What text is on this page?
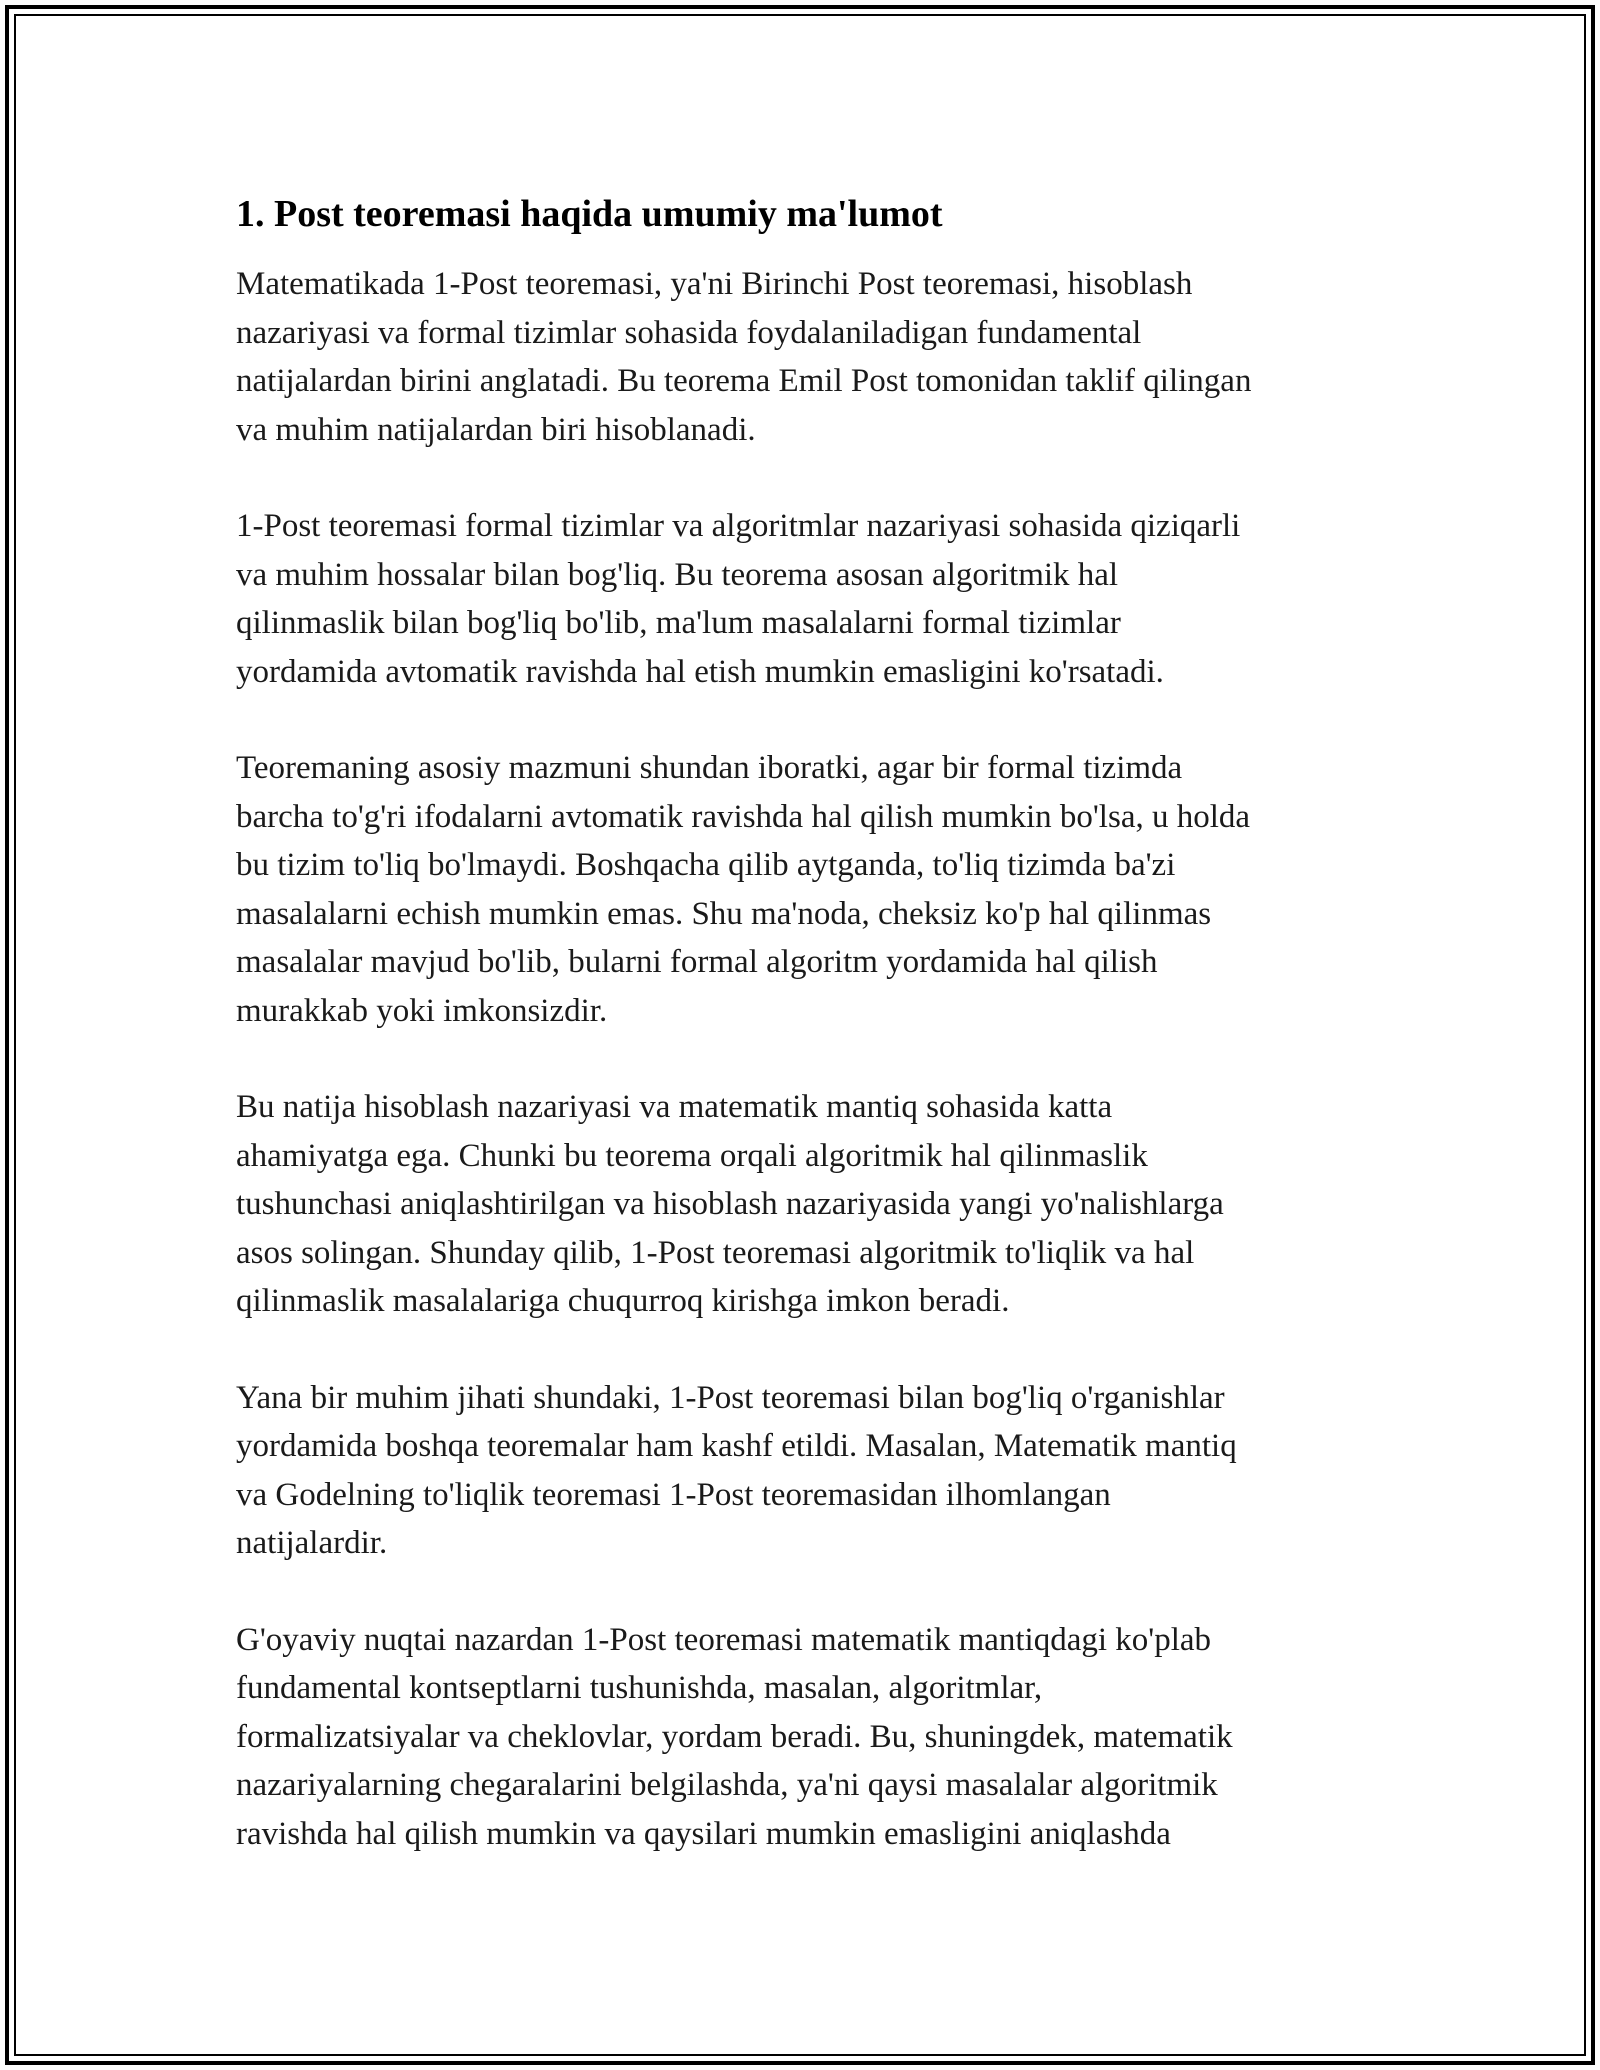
1. Post teoremasi haqida umumiy ma'lumot

Matematikada 1-Post teoremasi, ya'ni Birinchi Post teoremasi, hisoblash
nazariyasi va formal tizimlar sohasida foydalaniladigan fundamental
natijalardan birini anglatadi. Bu teorema Emil Post tomonidan taklif qilingan
va muhim natijalardan biri hisoblanadi.

1-Post teoremasi formal tizimlar va algoritmlar nazariyasi sohasida qiziqarli
va muhim hossalar bilan bog'liq. Bu teorema asosan algoritmik hal
qilinmaslik bilan bog'liq bo'lib, ma'lum masalalarni formal tizimlar
yordamida avtomatik ravishda hal etish mumkin emasligini ko'rsatadi.

Teoremaning asosiy mazmuni shundan iboratki, agar bir formal tizimda
barcha to'g'ri ifodalarni avtomatik ravishda hal qilish mumkin bo'lsa, u holda
bu tizim to'liq bo'lmaydi. Boshqacha qilib aytganda, to'liq tizimda ba'zi
masalalarni echish mumkin emas. Shu ma'noda, cheksiz ko'p hal qilinmas
masalalar mavjud bo'lib, bularni formal algoritm yordamida hal qilish
murakkab yoki imkonsizdir.

Bu natija hisoblash nazariyasi va matematik mantiq sohasida katta
ahamiyatga ega. Chunki bu teorema orqali algoritmik hal qilinmaslik
tushunchasi aniqlashtirilgan va hisoblash nazariyasida yangi yo'nalishlarga
asos solingan. Shunday qilib, 1-Post teoremasi algoritmik to'liqlik va hal
qilinmaslik masalalariga chuqurroq kirishga imkon beradi.

Yana bir muhim jihati shundaki, 1-Post teoremasi bilan bog'liq o'rganishlar
yordamida boshqa teoremalar ham kashf etildi. Masalan, Matematik mantiq
va Godelning to'liqlik teoremasi 1-Post teoremasidan ilhomlangan
natijalardir.

G'oyaviy nuqtai nazardan 1-Post teoremasi matematik mantiqdagi ko'plab
fundamental kontseptlarni tushunishda, masalan, algoritmlar,
formalizatsiyalar va cheklovlar, yordam beradi. Bu, shuningdek, matematik
nazariyalarning chegaralarini belgilashda, ya'ni qaysi masalalar algoritmik
ravishda hal qilish mumkin va qaysilari mumkin emasligini aniqlashda
